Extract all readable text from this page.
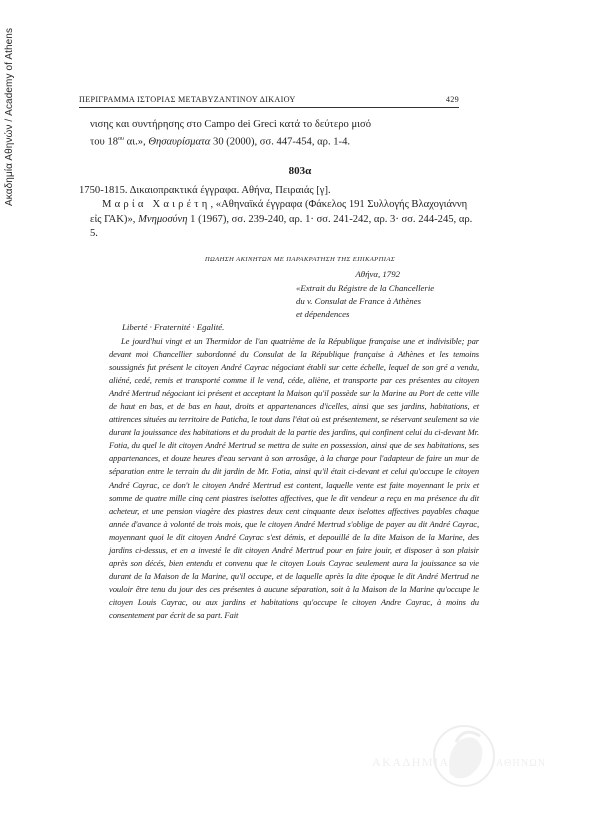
Ακαδημία Αθηνών / Academy of Athens	ΠΕΡΙΓΡΑΜΜΑ ΙΣΤΟΡΙΑΣ ΜΕΤΑΒΥΖΑΝΤΙΝΟΥ ΔΙΚΑΙΟΥ	429
νισης και συντήρησης στο Campo dei Greci κατά το δεύτερο μισό
του $18^{o\upsilon}$ αι.», Θησαυρίσματα 30 (2000), σσ. 447-454, αρ. 1-4.
803α
1750-1815. Δικαιοπρακτικά έγγραφα. Αθήνα, Πειραιάς [γ].
Μαρία Χαιρέτη, «Αθηναϊκά έγγραφα (Φάκελος 191 Συλλογής Βλαχογιάννη εἰς ΓΑΚ)», Μνημοσύνη 1 (1967), σσ. 239-240, αρ. 1· σσ. 241-242, αρ. 3· σσ. 244-245, αρ. 5.
ΠΩΛΗΣΗ ΑΚΙΝΗΤΩΝ ΜΕ ΠΑΡΑΚΡΑΤΗΣΗ ΤΗΣ ΕΠΙΚΑΡΠΙΑΣ
Αθήνα, 1792
«Extrait du Régistre de la Chancellerie
du v. Consulat de France à Athènes
et dépendences
Liberté · Fraternité · Egalité.
Le jourd'hui vingt et un Thermidor de l'an quatrième de la République française une et indivisible; par devant moi Chancellier subordonné du Consulat de la République française à Athènes et les temoins soussignés fut présent le citoyen André Cayrac négociant établi sur cette échelle, lequel de son gré a vendu, aliéné, cedé, remis et transporté comme il le vend, céde, aliène, et transporte par ces présentes au citoyen André Mertrud négociant ici présent et acceptant la Maison qu'il possède sur la Marine au Port de cette ville de haut en bas, et de bas en haut, droits et appartenances d'icelles, ainsi que ses jardins, habitations, et attirences situées au territoire de Paticha, le tout dans l'état où est présentement, se réservant seulement sa vie durant la jouissance des habitations et du produit de la partie des jardins, qui confinent celui du ci-devant Mr. Fotia, du quel le dit citoyen André Mertrud se mettra de suite en possession, ainsi que de ses habitations, ses appartenances, et douze heures d'eau servant à son arrosâge, à la charge pour l'adapteur de faire un mur de séparation entre le terrain du dit jardin de Mr. Fotia, ainsi qu'il était ci-devant et celui qu'occupe le citoyen André Cayrac, ce don't le citoyen André Mertrud est content, laquelle vente est faite moyennant le prix et somme de quatre mille cinq cent piastres iselottes affectives, que le dit vendeur a reçu en ma présence du dit acheteur, et une pension viagère des piastres deux cent cinquante deux iselottes affectives payables chaque année d'avance à volonté de trois mois, que le citoyen André Mertrud s'oblige de payer au dit André Cayrac, moyennant quoi le dit citoyen André Cayrac s'est démis, et depouillé de la dite Maison de la Marine, des jardins ci-dessus, et en a investé le dit citoyen André Mertrud pour en faire jouir, et disposer à son plaisir après son décés, bien entendu et convenu que le citoyen Louis Cayrac seulement aura la jouissance sa vie durant de la Maison de la Marine, qu'il occupe, et de laquelle après la dite époque le dit André Mertrud ne vouloir être tenu du jour des ces présentes à aucune séparation, soit à la Maison de la Marine qu'occupe le citoyen Louis Cayrac, ou aux jardins et habitations qu'occupe le citoyen Andre Cayrac, à moins du consentement par écrit de sa part. Fait
ΑΚΑΔΗΜΙΑ	ΑΘΗΝΩΝ
